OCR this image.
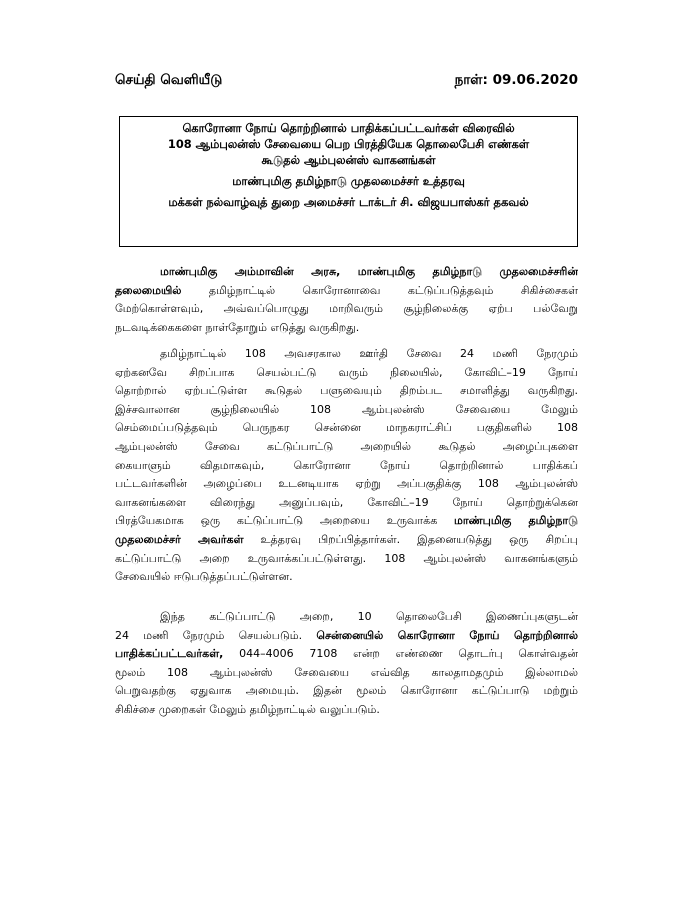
செய்தி வெளியீடு	நாள்: 09.06.2020
கொரோனா நோய் தொற்றினால் பாதிக்கப்பட்டவர்கள் விரைவில்
108 ஆம்புலன்ஸ் சேவையை பெற பிரத்தியேக தொலைபேசி எண்கள்
கூடுதல் ஆம்புலன்ஸ் வாகனங்கள்
மாண்புமிகு தமிழ்நாடு முதலமைச்சர் உத்தரவு
மக்கள் நல்வாழ்வுத் துறை அமைச்சர் டாக்டர் சி. விஜயபாஸ்கர் தகவல்
மாண்புமிகு அம்மாவின் அரசு, மாண்புமிகு தமிழ்நாடு முதலமைச்சரின்
தலைமையில் தமிழ்நாட்டில் கொரோனாவை கட்டுப்படுத்தவும் சிகிச்சைகள்
மேற்கொள்ளவும், அவ்வப்பொழுது மாறிவரும் சூழ்நிலைக்கு ஏற்ப பல்வேறு
நடவடிக்கைகளை நாள்தோறும் எடுத்து வருகிறது.
தமிழ்நாட்டில் 108 அவசரகால ஊர்தி சேவை 24 மணி நேரமும்
ஏற்கனவே சிறப்பாக செயல்பட்டு வரும் நிலையில், கோவிட்–19 நோய்
தொற்றால் ஏற்பட்டுள்ள கூடுதல் பளுவையும் திறம்பட சமாளித்து வருகிறது.
இச்சவாலான சூழ்நிலையில் 108 ஆம்புலன்ஸ் சேவையை மேலும்
செம்மைப்படுத்தவும் பெருநகர சென்னை மாநகராட்சிப் பகுதிகளில் 108
ஆம்புலன்ஸ் சேவை கட்டுப்பாட்டு அறையில் கூடுதல் அழைப்புகளை
கையாளும் விதமாகவும், கொரோனா நோய் தொற்றினால் பாதிக்கப்
பட்டவர்களின் அழைப்பை உடனடியாக ஏற்று அப்பகுதிக்கு 108 ஆம்புலன்ஸ்
வாகனங்களை விரைந்து அனுப்பவும், கோவிட்–19 நோய் தொற்றுக்கென
பிரத்யேகமாக ஒரு கட்டுப்பாட்டு அறையை உருவாக்க மாண்புமிகு தமிழ்நாடு
முதலமைச்சர் அவர்கள் உத்தரவு பிறப்பித்தார்கள். இதனையடுத்து ஒரு சிறப்பு
கட்டுப்பாட்டு அறை உருவாக்கப்பட்டுள்ளது. 108 ஆம்புலன்ஸ் வாகனங்களும்
சேவையில் ஈடுபடுத்தப்பட்டுள்ளன.
இந்த கட்டுப்பாட்டு அறை, 10 தொலைபேசி இணைப்புகளுடன்
24 மணி நேரமும் செயல்படும். சென்னையில் கொரோனா நோய் தொற்றினால்
பாதிக்கப்பட்டவர்கள், 044–4006 7108 என்ற எண்ணை தொடர்பு கொள்வதன்
மூலம் 108 ஆம்புலன்ஸ் சேவையை எவ்வித காலதாமதமும் இல்லாமல்
பெறுவதற்கு ஏதுவாக அமையும். இதன் மூலம் கொரோனா கட்டுப்பாடு மற்றும்
சிகிச்சை முறைகள் மேலும் தமிழ்நாட்டில் வலுப்படும்.
